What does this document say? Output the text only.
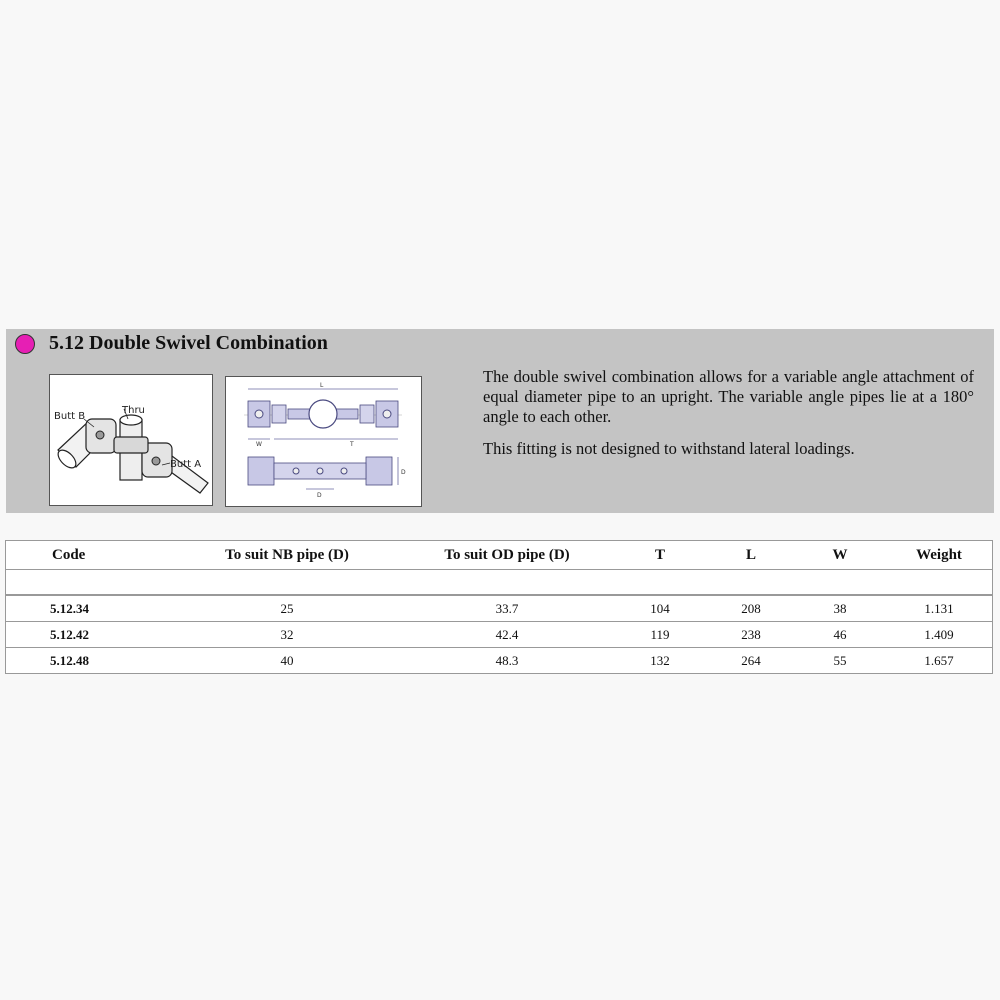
5.12 Double Swivel Combination
Butt B
Thru
Butt A
L
W	T
D
D

The double swivel combination allows for a variable angle attachment of equal diameter pipe to an upright. The variable angle pipes lie at a 180° angle to each other.

This fitting is not designed to withstand lateral loadings.

Code	To suit NB pipe (D)	To suit OD pipe (D)	T	L	W	Weight

5.12.34	25	33.7	104	208	38	1.131
5.12.42	32	42.4	119	238	46	1.409
5.12.48	40	48.3	132	264	55	1.657
